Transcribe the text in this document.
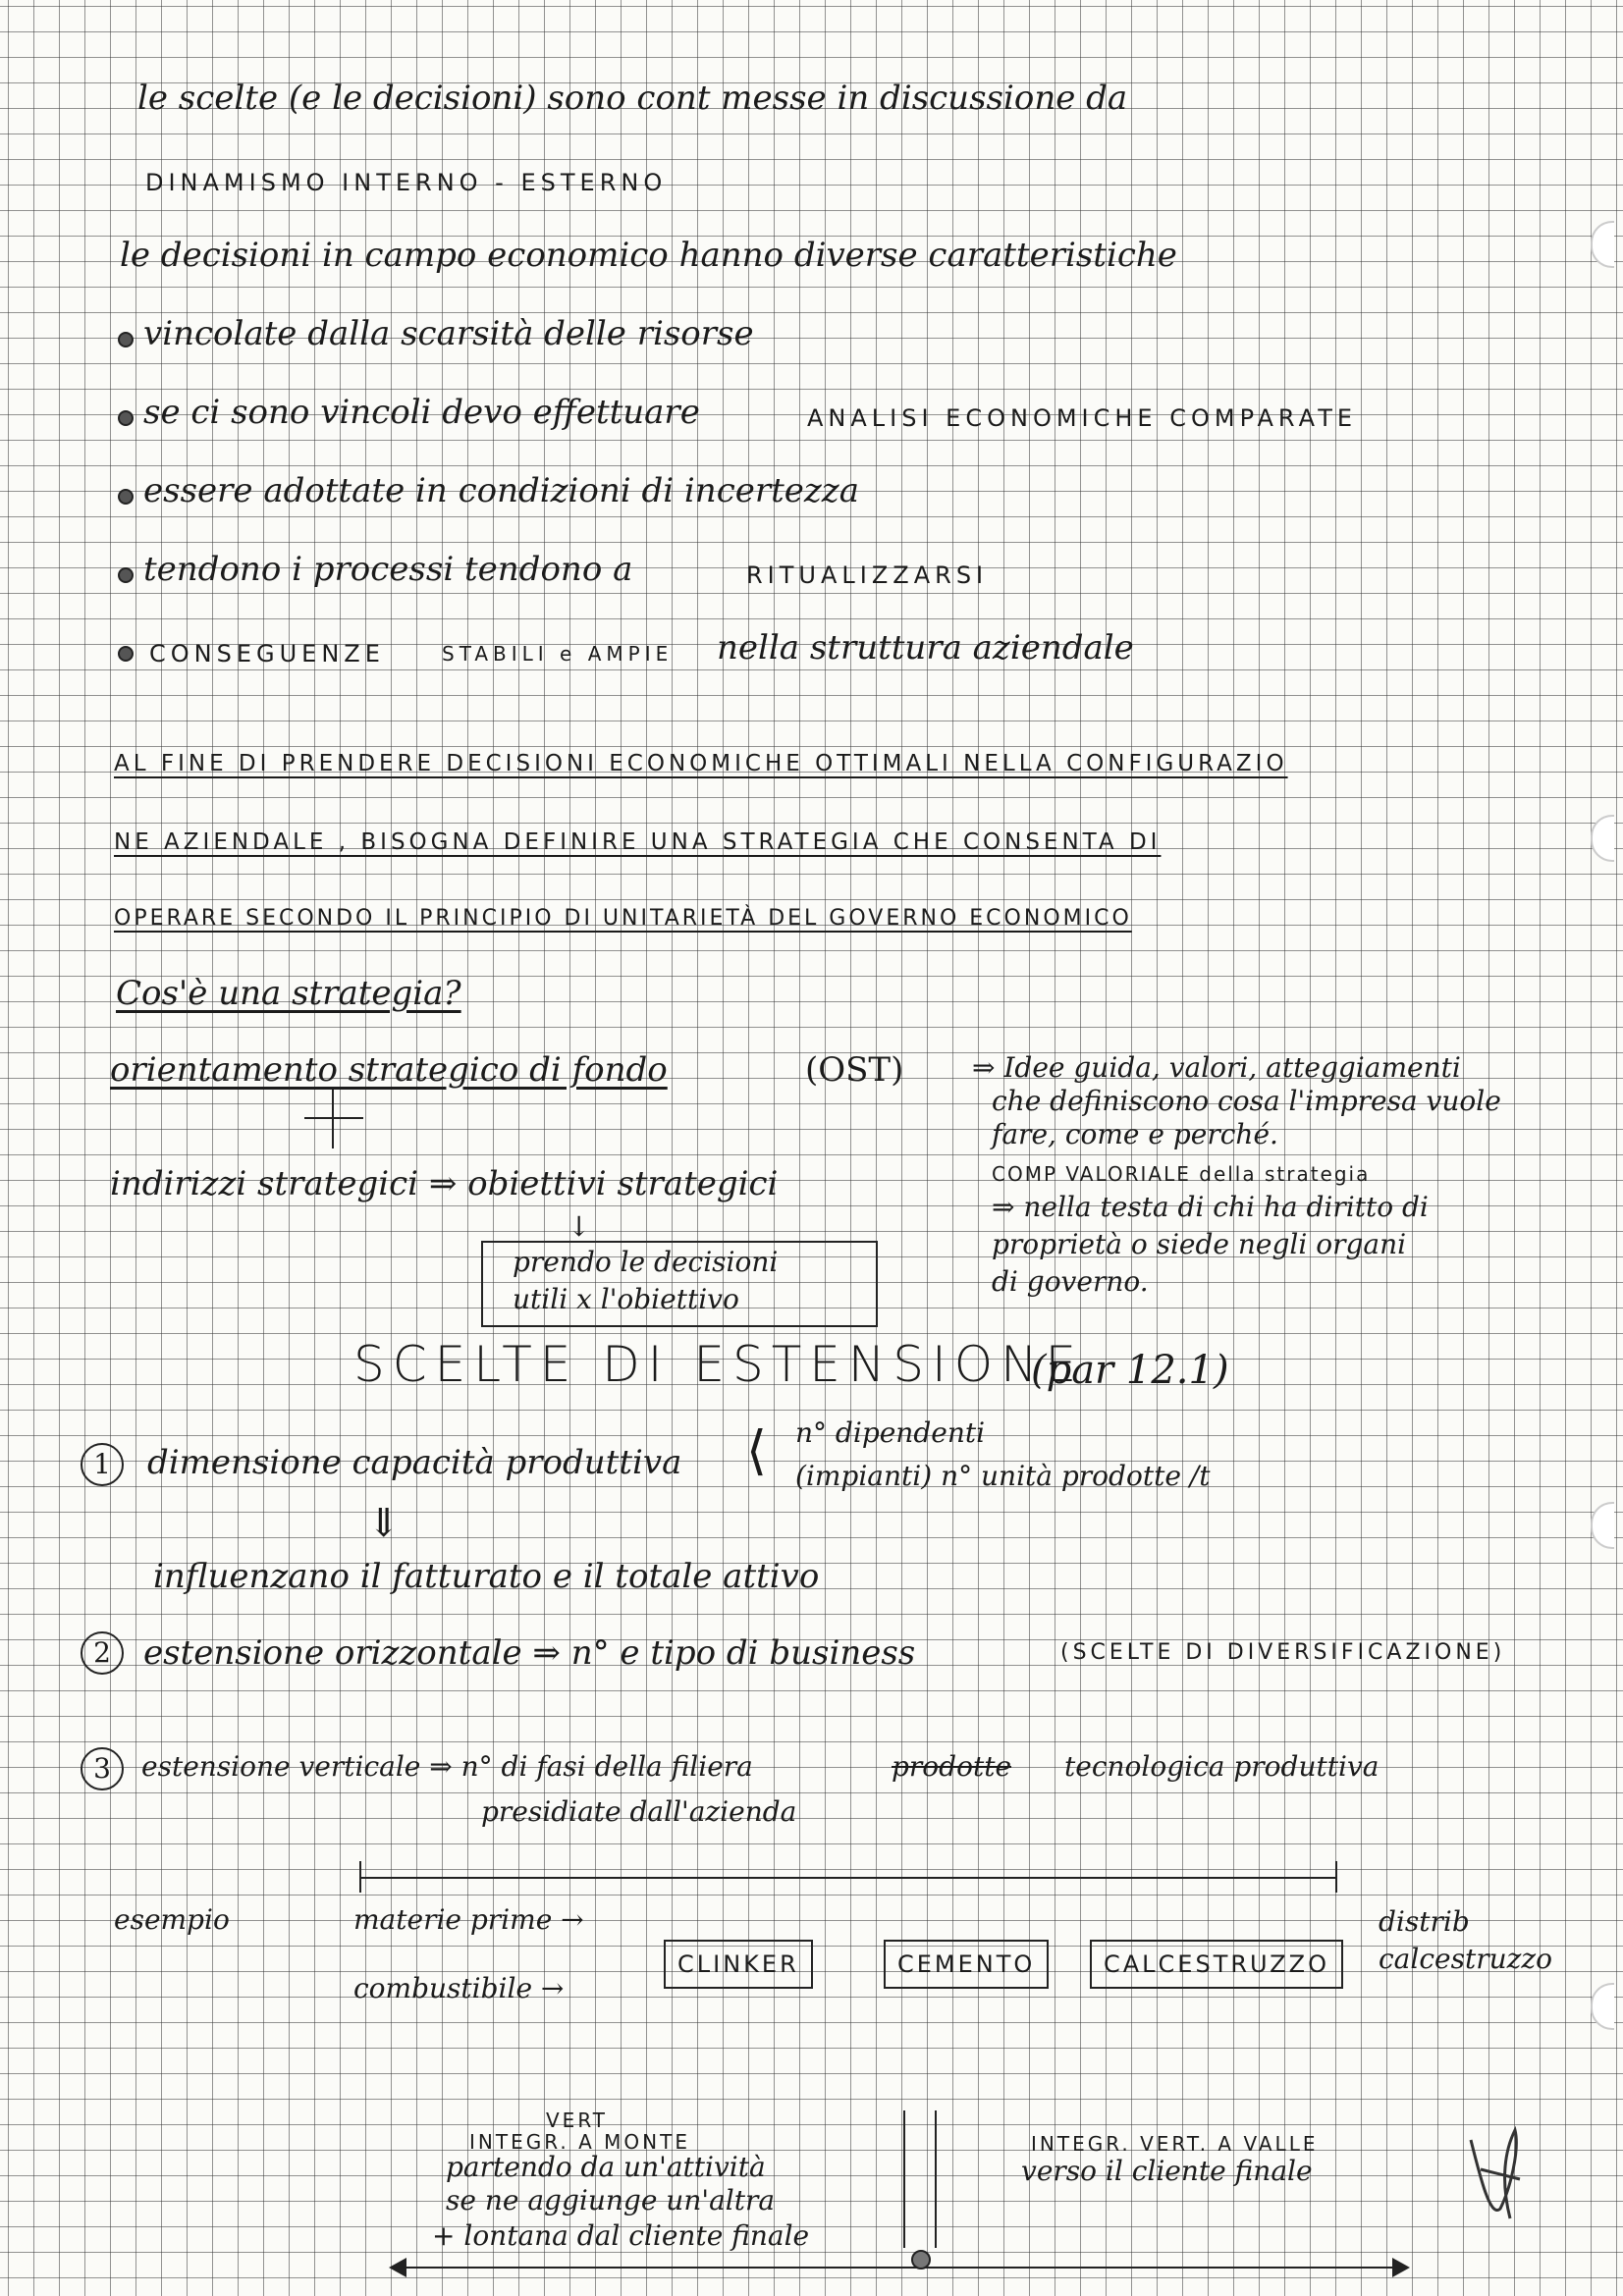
le scelte (e le decisioni) sono cont messe in discussione da
DINAMISMO INTERNO - ESTERNO
le decisioni in campo economico hanno diverse caratteristiche
vincolate dalla scarsità delle risorse
se ci sono vincoli devo effettuare	ANALISI ECONOMICHE COMPARATE
essere adottate in condizioni di incertezza
tendono i processi tendono a	RITUALIZZARSI
CONSEGUENZE	STABILI e AMPIE nella struttura aziendale
AL FINE DI PRENDERE DECISIONI ECONOMICHE OTTIMALI NELLA CONFIGURAZIO
NE AZIENDALE , BISOGNA DEFINIRE UNA STRATEGIA CHE CONSENTA DI
OPERARE SECONDO IL PRINCIPIO DI UNITARIETÀ DEL GOVERNO ECONOMICO
Cos'è una strategia?
orientamento strategico di fondo	(OST) ⇒ Idee guida, valori, atteggiamenti
che definiscono cosa l'impresa vuole
fare, come e perché.
COMP VALORIALE della strategia
⇒ nella testa di chi ha diritto di
proprietà o siede negli organi
di governo.
indirizzi strategici ⇒ obiettivi strategici
↓
prendo le decisioni
utili x l'obiettivo
SCELTE DI ESTENSIONE
(par 12.1)
1	dimensione capacità produttiva ⟨ n° dipendenti
(impianti) n° unità prodotte /t
⇓
influenzano il fatturato e il totale attivo
2 estensione orizzontale ⇒ n° e tipo di business	(SCELTE DI DIVERSIFICAZIONE)
3	estensione verticale ⇒ n° di fasi della filiera	prodotte tecnologica produttiva
presidiate dall'azienda
esempio	materie prime →
combustibile →
CLINKER	CEMENTO	CALCESTRUZZO
distrib
calcestruzzo
VERT
INTEGR. A MONTE
partendo da un'attività
se ne aggiunge un'altra
+ lontana dal cliente finale
INTEGR. VERT. A VALLE
verso il cliente finale
